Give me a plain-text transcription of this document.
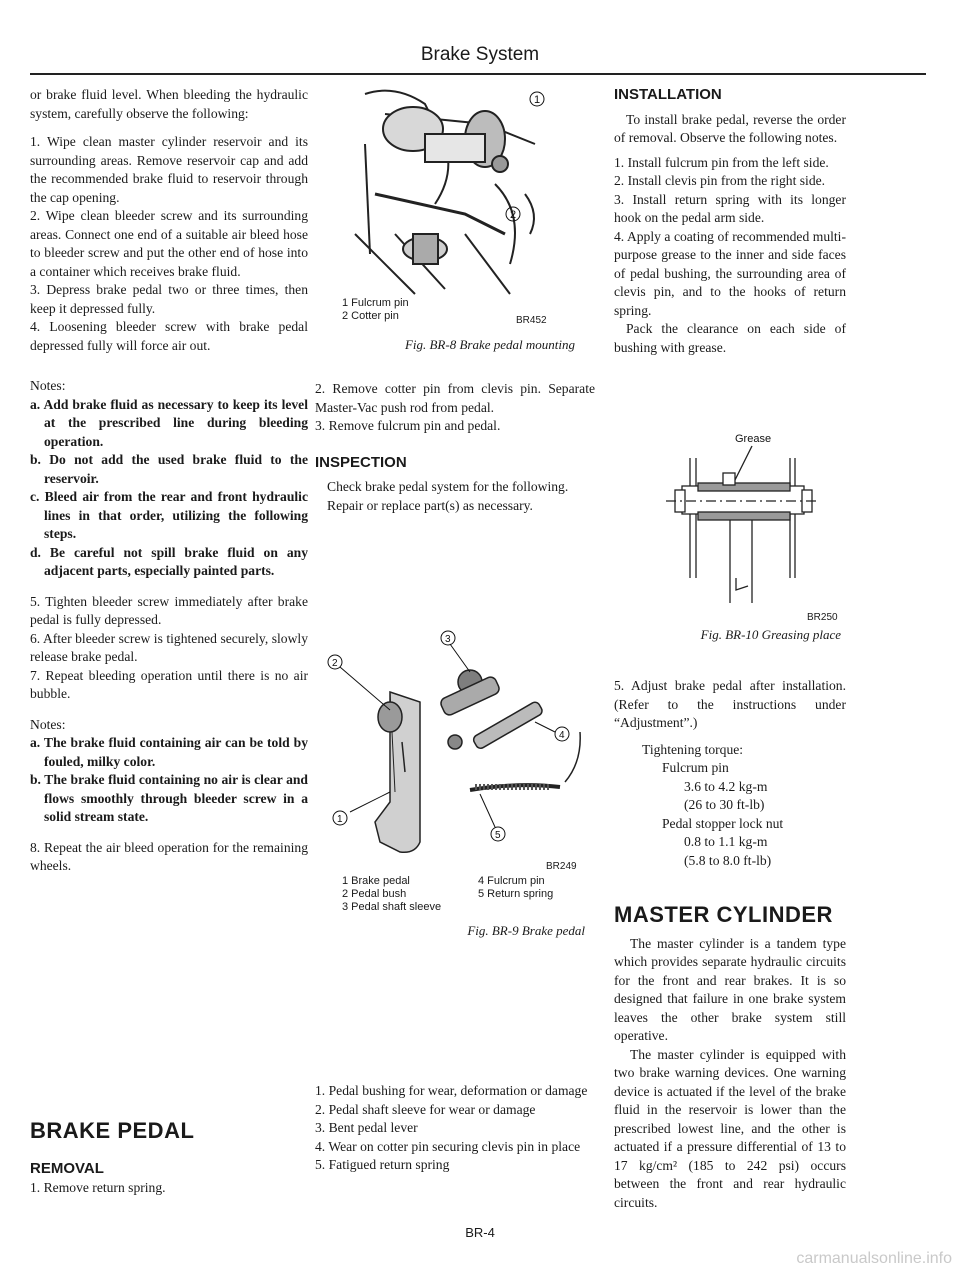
Brake System

or brake fluid level. When bleeding the hydraulic system, carefully observe the following:

1. Wipe clean master cylinder reservoir and its surrounding areas. Remove reservoir cap and add the recommended brake fluid to reservoir through the cap opening.

2. Wipe clean bleeder screw and its surrounding areas. Connect one end of a suitable air bleed hose to bleeder screw and put the other end of hose into a container which receives brake fluid.

3. Depress brake pedal two or three times, then keep it depressed fully.

4. Loosening bleeder screw with brake pedal depressed fully will force air out.

Notes:

a. Add brake fluid as necessary to keep its level at the prescribed line during bleeding operation.

b. Do not add the used brake fluid to the reservoir.

c. Bleed air from the rear and front hydraulic lines in that order, utilizing the following steps.

d. Be careful not spill brake fluid on any adjacent parts, especially painted parts.

5. Tighten bleeder screw immediately after brake pedal is fully depressed.

6. After bleeder screw is tightened securely, slowly release brake pedal.

7. Repeat bleeding operation until there is no air bubble.

Notes:

a. The brake fluid containing air can be told by fouled, milky color.

b. The brake fluid containing no air is clear and flows smoothly through bleeder screw in a solid stream state.

8. Repeat the air bleed operation for the remaining wheels.

BRAKE PEDAL

REMOVAL

1. Remove return spring.

1
2
1 Fulcrum pin
2 Cotter pin	BR452
Fig. BR-8 Brake pedal mounting

2. Remove cotter pin from clevis pin. Separate Master-Vac push rod from pedal.

3. Remove fulcrum pin and pedal.

INSPECTION

Check brake pedal system for the following.

Repair or replace part(s) as necessary.

2
3
4
1
5
BR249
1 Brake pedal
2 Pedal bush
3 Pedal shaft sleeve
4 Fulcrum pin
5 Return spring
Fig. BR-9 Brake pedal

1. Pedal bushing for wear, deformation or damage

2. Pedal shaft sleeve for wear or damage

3. Bent pedal lever

4. Wear on cotter pin securing clevis pin in place

5. Fatigued return spring

INSTALLATION

To install brake pedal, reverse the order of removal. Observe the following notes.

1. Install fulcrum pin from the left side.

2. Install clevis pin from the right side.

3. Install return spring with its longer hook on the pedal arm side.

4. Apply a coating of recommended multi-purpose grease to the inner and side faces of pedal bushing, the surrounding area of clevis pin, and to the hooks of return spring.

Pack the clearance on each side of bushing with grease.

Grease
BR250
Fig. BR-10 Greasing place

5. Adjust brake pedal after installation. (Refer to the instructions under “Adjustment”.)

Tightening torque:

Fulcrum pin

3.6 to 4.2 kg-m

(26 to 30 ft-lb)

Pedal stopper lock nut

0.8 to 1.1 kg-m

(5.8 to 8.0 ft-lb)

MASTER CYLINDER

The master cylinder is a tandem type which provides separate hydraulic circuits for the front and rear brakes. It is so designed that failure in one brake system leaves the other brake system still operative.

The master cylinder is equipped with two brake warning devices. One warning device is actuated if the level of the brake fluid in the reservoir is lower than the prescribed lowest line, and the other is actuated if a pressure differential of 13 to 17 kg/cm² (185 to 242 psi) occurs between the front and rear hydraulic circuits.

BR-4
carmanualsonline.info
